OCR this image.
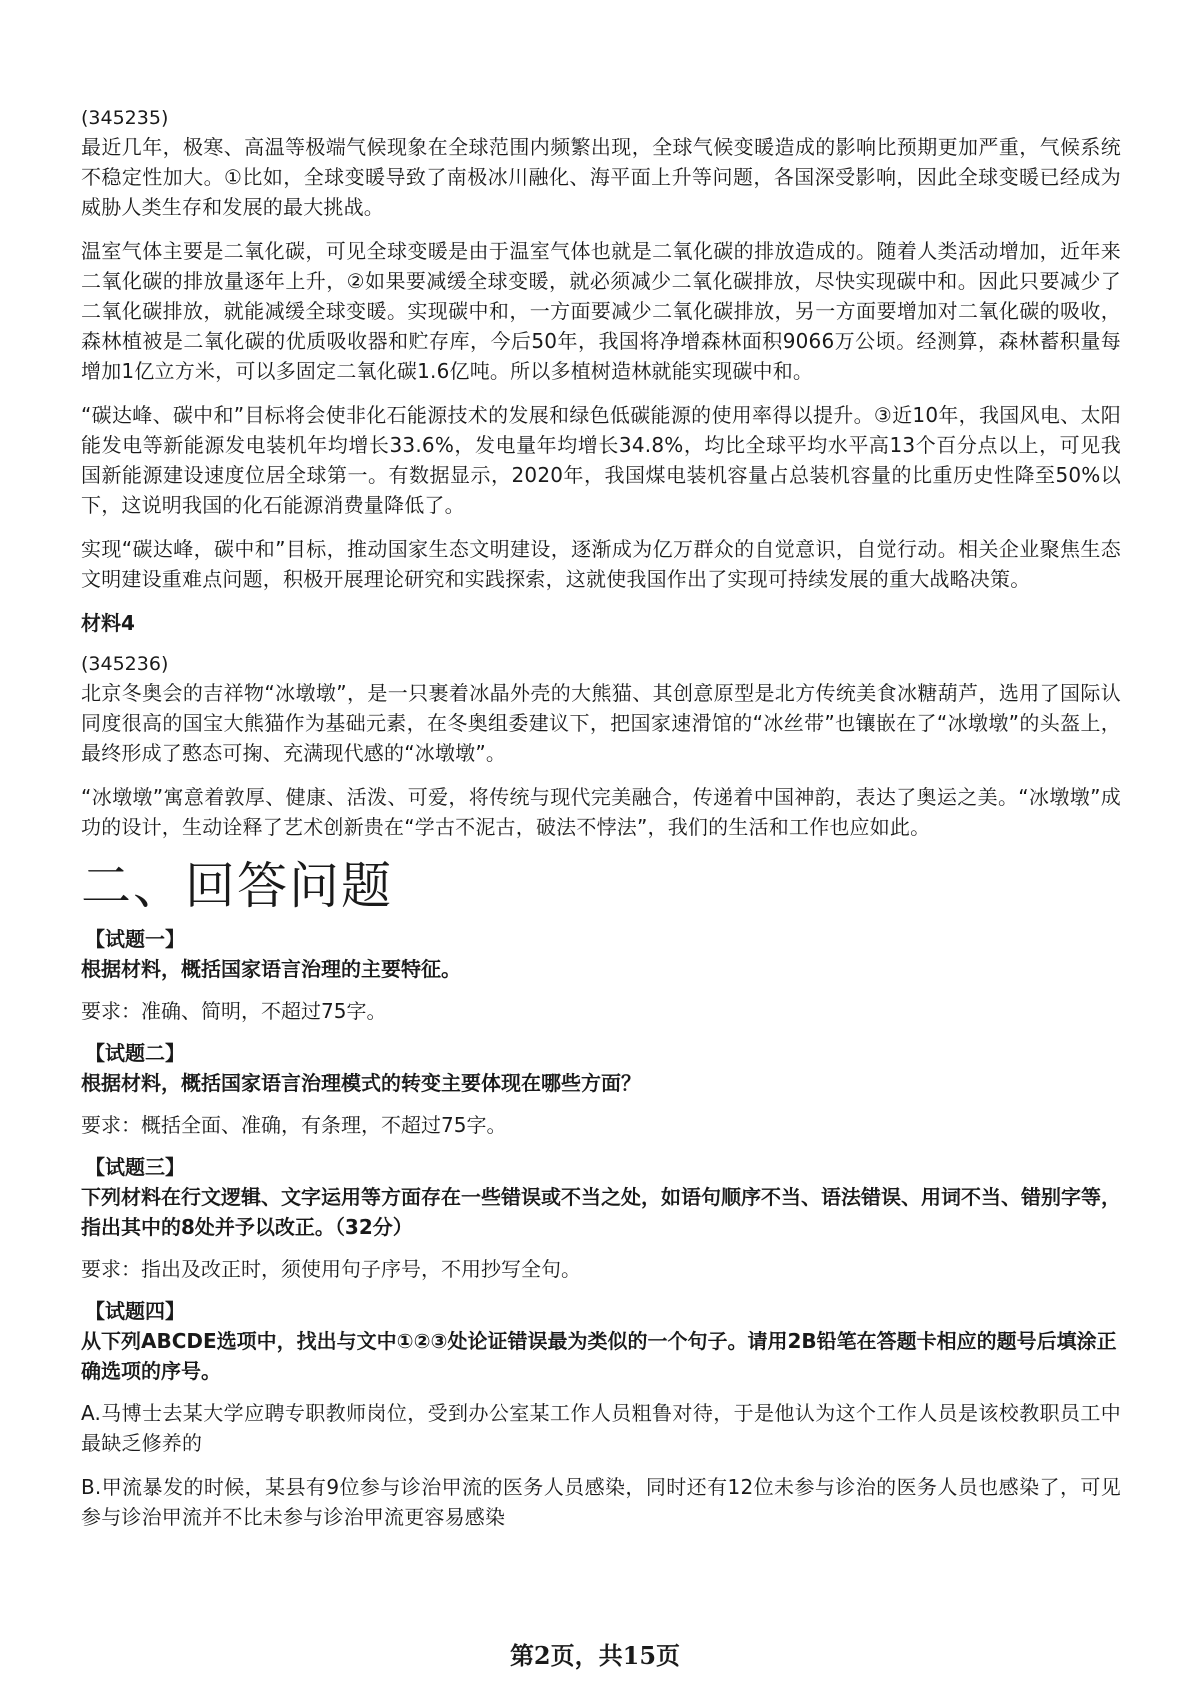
(345235)

最近几年，极寒、高温等极端气候现象在全球范围内频繁出现，全球气候变暖造成的影响比预期更加严重，气候系统不稳定性加大。①比如，全球变暖导致了南极冰川融化、海平面上升等问题，各国深受影响，因此全球变暖已经成为威胁人类生存和发展的最大挑战。

温室气体主要是二氧化碳，可见全球变暖是由于温室气体也就是二氧化碳的排放造成的。随着人类活动增加，近年来二氧化碳的排放量逐年上升，②如果要减缓全球变暖，就必须减少二氧化碳排放，尽快实现碳中和。因此只要减少了二氧化碳排放，就能减缓全球变暖。实现碳中和，一方面要减少二氧化碳排放，另一方面要增加对二氧化碳的吸收，森林植被是二氧化碳的优质吸收器和贮存库，今后50年，我国将净增森林面积9066万公顷。经测算，森林蓄积量每增加1亿立方米，可以多固定二氧化碳1.6亿吨。所以多植树造林就能实现碳中和。

“碳达峰、碳中和”目标将会使非化石能源技术的发展和绿色低碳能源的使用率得以提升。③近10年，我国风电、太阳能发电等新能源发电装机年均增长33.6%，发电量年均增长34.8%，均比全球平均水平高13个百分点以上，可见我国新能源建设速度位居全球第一。有数据显示，2020年，我国煤电装机容量占总装机容量的比重历史性降至50%以下，这说明我国的化石能源消费量降低了。

实现“碳达峰，碳中和”目标，推动国家生态文明建设，逐渐成为亿万群众的自觉意识，自觉行动。相关企业聚焦生态文明建设重难点问题，积极开展理论研究和实践探索，这就使我国作出了实现可持续发展的重大战略决策。

材料4

(345236)

北京冬奥会的吉祥物“冰墩墩”，是一只裹着冰晶外壳的大熊猫、其创意原型是北方传统美食冰糖葫芦，选用了国际认同度很高的国宝大熊猫作为基础元素，在冬奥组委建议下，把国家速滑馆的“冰丝带”也镶嵌在了“冰墩墩”的头盔上，最终形成了憨态可掬、充满现代感的“冰墩墩”。

“冰墩墩”寓意着敦厚、健康、活泼、可爱，将传统与现代完美融合，传递着中国神韵，表达了奥运之美。“冰墩墩”成功的设计，生动诠释了艺术创新贵在“学古不泥古，破法不悖法”，我们的生活和工作也应如此。

二、回答问题

【试题一】

根据材料，概括国家语言治理的主要特征。

要求：准确、简明，不超过75字。

【试题二】

根据材料，概括国家语言治理模式的转变主要体现在哪些方面？

要求：概括全面、准确，有条理，不超过75字。

【试题三】

下列材料在行文逻辑、文字运用等方面存在一些错误或不当之处，如语句顺序不当、语法错误、用词不当、错别字等，指出其中的8处并予以改正。（32分）

要求：指出及改正时，须使用句子序号，不用抄写全句。

【试题四】

从下列ABCDE选项中，找出与文中①②③处论证错误最为类似的一个句子。请用2B铅笔在答题卡相应的题号后填涂正确选项的序号。

A.马博士去某大学应聘专职教师岗位，受到办公室某工作人员粗鲁对待，于是他认为这个工作人员是该校教职员工中最缺乏修养的

B.甲流暴发的时候，某县有9位参与诊治甲流的医务人员感染，同时还有12位未参与诊治的医务人员也感染了，可见参与诊治甲流并不比未参与诊治甲流更容易感染

第2页，共15页
